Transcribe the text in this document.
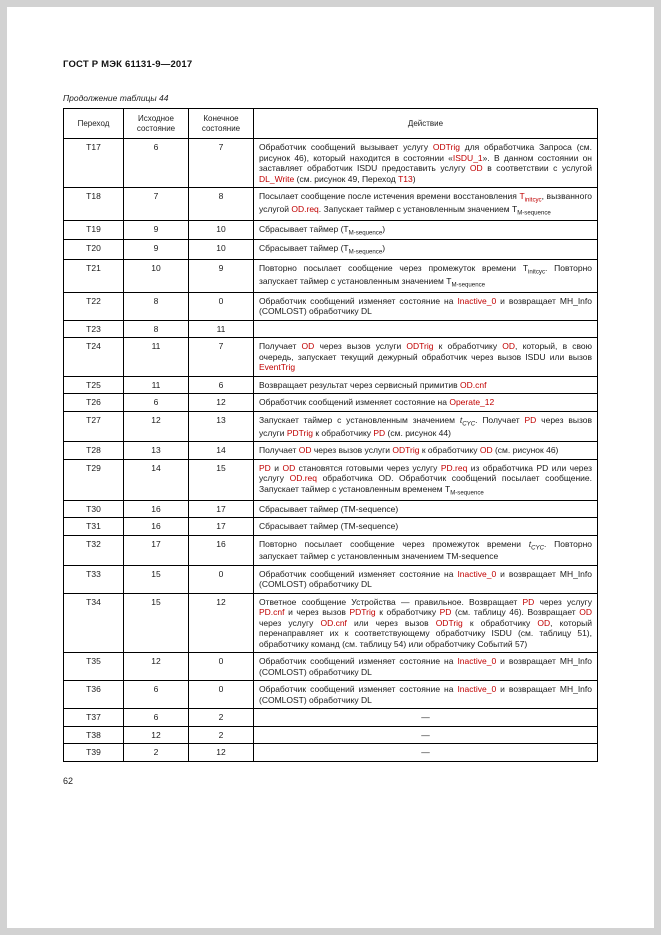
ГОСТ Р МЭК 61131-9—2017
Продолжение таблицы 44
Переход	Исходное состояние	Конечное состояние	Действие
T17	6	7	Обработчик сообщений вызывает услугу ODTrig для обработчика Запроса (см. рисунок 46), который находится в состоянии «ISDU_1». В данном состоянии он заставляет обработчик ISDU предоставить услугу OD в соответствии с услугой DL_Write (см. рисунок 49, Переход T13)
T18	7	8	Посылает сообщение после истечения времени восстановления $T_{initcyc}$, вызванного услугой OD.req. Запускает таймер с установленным значением $T_{M-sequence}$
T19	9	10	Сбрасывает таймер $(T_{M-sequence})$
T20	9	10	Сбрасывает таймер $(T_{M-sequence})$
T21	10	9	Повторно посылает сообщение через промежуток времени $T_{initcyc}$. Повторно запускает таймер с установленным значением $T_{M-sequence}$
T22	8	0	Обработчик сообщений изменяет состояние на Inactive_0 и возвращает MH_Info (COMLOST) обработчику DL
T23	8	11	
T24	11	7	Получает OD через вызов услуги ODTrig к обработчику OD, который, в свою очередь, запускает текущий дежурный обработчик через вызов ISDU или вызов EventTrig
T25	11	6	Возвращает результат через сервисный примитив OD.cnf
T26	6	12	Обработчик сообщений изменяет состояние на Operate_12
T27	12	13	Запускает таймер с установленным значением $t_{CYC}$. Получает PD через вызов услуги PDTrig к обработчику PD (см. рисунок 44)
T28	13	14	Получает OD через вызов услуги ODTrig к обработчику OD (см. рисунок 46)
T29	14	15	PD и OD становятся готовыми через услугу PD.req из обработчика PD или через услугу OD.req обработчика OD. Обработчик сообщений посылает сообщение. Запускает таймер с установленным временем $T_{M-sequence}$
T30	16	17	Сбрасывает таймер (TM-sequence)
T31	16	17	Сбрасывает таймер (TM-sequence)
T32	17	16	Повторно посылает сообщение через промежуток времени $t_{CYC}$. Повторно запускает таймер с установленным значением TM-sequence
T33	15	0	Обработчик сообщений изменяет состояние на Inactive_0 и возвращает MH_Info (COMLOST) обработчику DL
T34	15	12	Ответное сообщение Устройства — правильное. Возвращает PD через услугу PD.cnf и через вызов PDTrig к обработчику PD (см. таблицу 46). Возвращает OD через услугу OD.cnf или через вызов ODTrig к обработчику OD, который перенаправляет их к соответствующему обработчику ISDU (см. таблицу 51), обработчику команд (см. таблицу 54) или обработчику Событий 57)
T35	12	0	Обработчик сообщений изменяет состояние на Inactive_0 и возвращает MH_Info (COMLOST) обработчику DL
T36	6	0	Обработчик сообщений изменяет состояние на Inactive_0 и возвращает MH_Info (COMLOST) обработчику DL
T37	6	2	—
T38	12	2	—
T39	2	12	—
62
